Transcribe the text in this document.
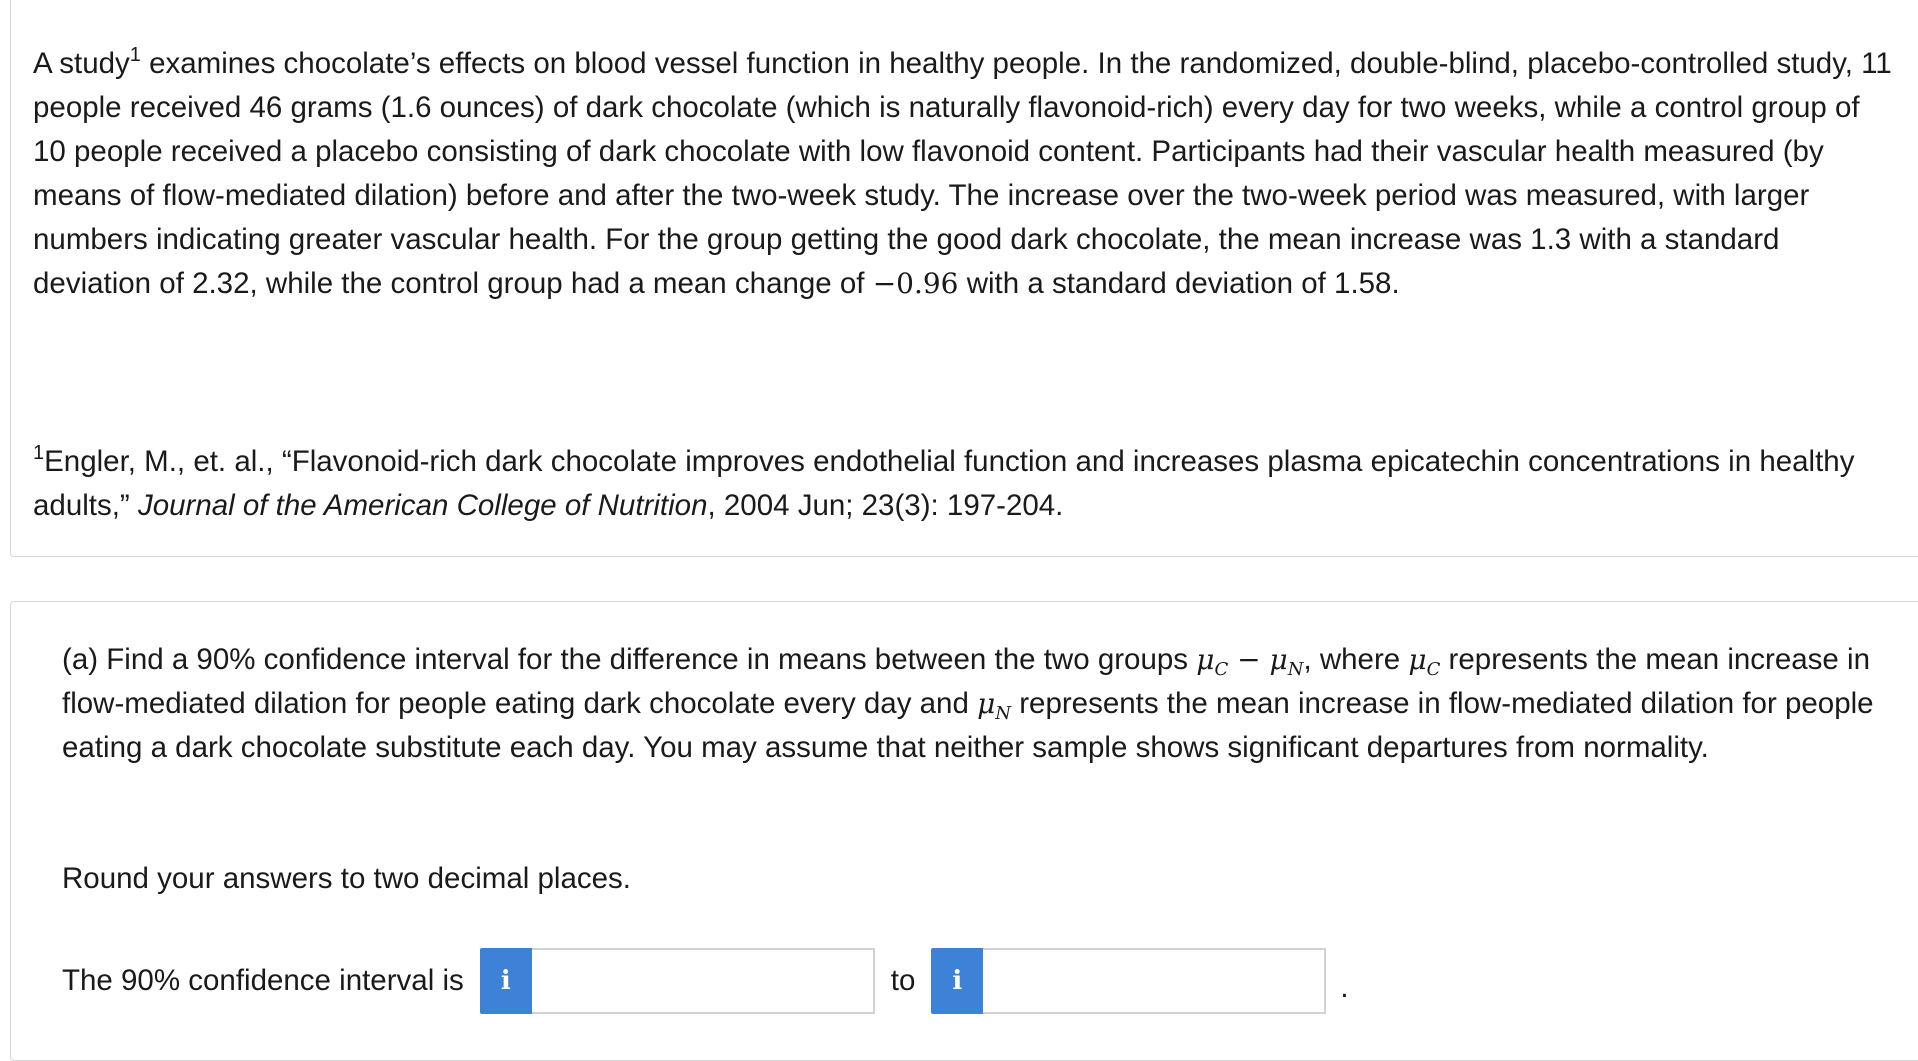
A study$^1$ examines chocolate’s effects on blood vessel function in healthy people. In the randomized, double-blind, placebo-controlled study, 11 people received 46 grams (1.6 ounces) of dark chocolate (which is naturally flavonoid-rich) every day for two weeks, while a control group of 10 people received a placebo consisting of dark chocolate with low flavonoid content. Participants had their vascular health measured (by means of flow-mediated dilation) before and after the two-week study. The increase over the two-week period was measured, with larger numbers indicating greater vascular health. For the group getting the good dark chocolate, the mean increase was 1.3 with a standard deviation of 2.32, while the control group had a mean change of −0.96 with a standard deviation of 1.58.

$^1$Engler, M., et. al., “Flavonoid-rich dark chocolate improves endothelial function and increases plasma epicatechin concentrations in healthy adults,” Journal of the American College of Nutrition, 2004 Jun; 23(3): 197-204.

(a) Find a 90% confidence interval for the difference in means between the two groups $\mu_C - \mu_N$, where $\mu_C$ represents the mean increase in flow-mediated dilation for people eating dark chocolate every day and $\mu_N$ represents the mean increase in flow-mediated dilation for people eating a dark chocolate substitute each day. You may assume that neither sample shows significant departures from normality.

Round your answers to two decimal places.

The 90% confidence interval is	i	to	i	.
